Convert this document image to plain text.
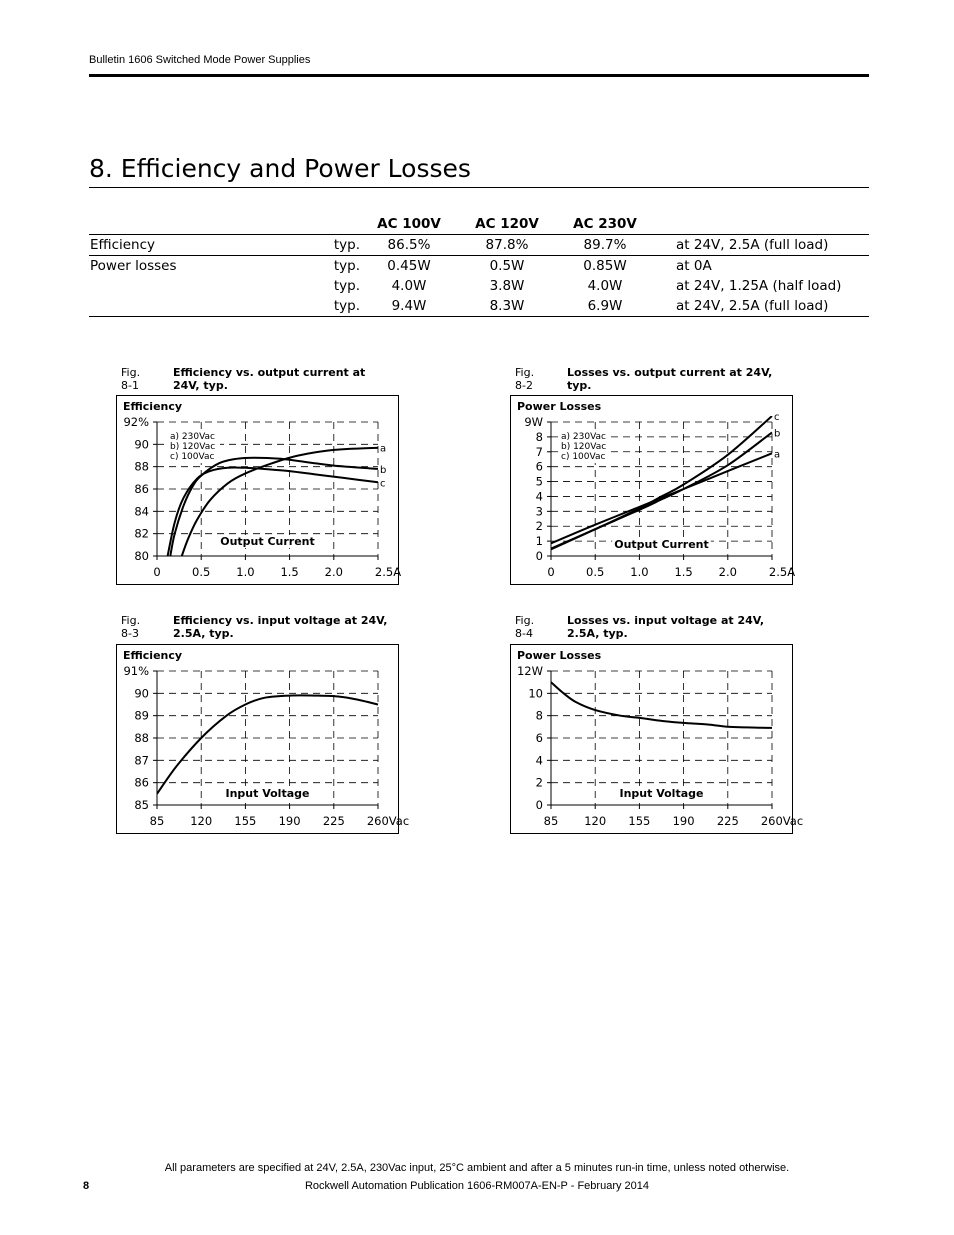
Bulletin 1606 Switched Mode Power Supplies
8. Efficiency and Power Losses
		AC 100V	AC 120V	AC 230V	
Efficiency	typ.	86.5%	87.8%	89.7%	at 24V, 2.5A (full load)
Power losses	typ.	0.45W	0.5W	0.85W	at 0A
	typ.	4.0W	3.8W	4.0W	at 24V, 1.25A (half load)
	typ.	9.4W	8.3W	6.9W	at 24V, 2.5A (full load)
Fig. 8-1
Efficiency vs. output current at 24V, typ.
Fig. 8-2
Losses vs. output current at 24V, typ.
Fig. 8-3
Efficiency vs. input voltage at 24V, 2.5A, typ.
Fig. 8-4
Losses vs. input voltage at 24V, 2.5A, typ.
Efficiency
80
82
84
86
88
90
92%
0	0.5 1.0 1.5 2.0	2.5A
Output Current
a) 230Vac
b) 120Vac
c) 100Vac
a
b
c
Power Losses
0
1
2
3
4
5
6
7
8
9W
0	0.5 1.0 1.5 2.0	2.5A
Output Current
a) 230Vac
b) 120Vac
c) 100Vac	a
b
c
Efficiency
85
86
87
88
89
90
91%
85 120 155 190 225 260Vac
Input Voltage
Power Losses
0
2
4
6
8
10
12W
85 120 155 190 225 260Vac
Input Voltage
All parameters are specified at 24V, 2.5A, 230Vac input, 25°C ambient and after a 5 minutes run-in time, unless noted otherwise.
8	Rockwell Automation Publication 1606-RM007A-EN-P - February 2014
